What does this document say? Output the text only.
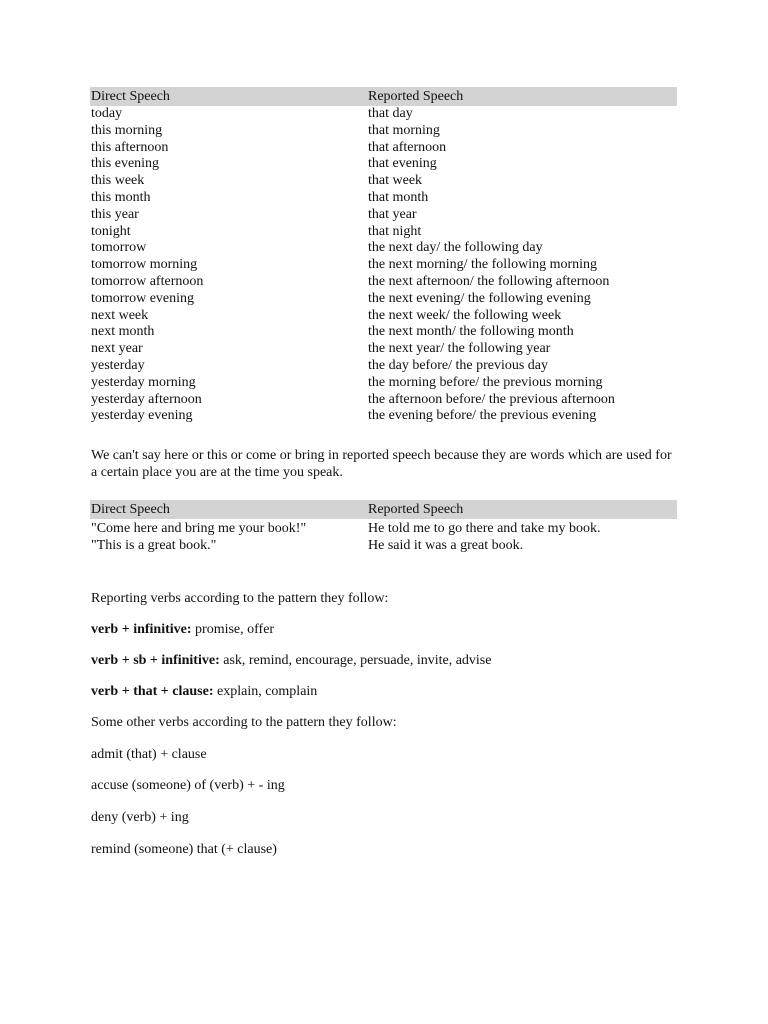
Direct Speech	Reported Speech
today	that day
this morning	that morning
this afternoon	that afternoon
this evening	that evening
this week	that week
this month	that month
this year	that year
tonight	that night
tomorrow	the next day/ the following day
tomorrow morning	the next morning/ the following morning
tomorrow afternoon	the next afternoon/ the following afternoon
tomorrow evening	the next evening/ the following evening
next week	the next week/ the following week
next month	the next month/ the following month
next year	the next year/ the following year
yesterday	the day before/ the previous day
yesterday morning	the morning before/ the previous morning
yesterday afternoon	the afternoon before/ the previous afternoon
yesterday evening	the evening before/ the previous evening

We can't say here or this or come or bring in reported speech because they are words which are used for a certain place you are at the time you speak.

Direct Speech	Reported Speech
"Come here and bring me your book!"	He told me to go there and take my book.
"This is a great book."	He said it was a great book.

Reporting verbs according to the pattern they follow:

verb + infinitive: promise, offer

verb + sb + infinitive: ask, remind, encourage, persuade, invite, advise

verb + that + clause: explain, complain

Some other verbs according to the pattern they follow:

admit (that) + clause

accuse (someone) of (verb) + - ing

deny (verb) + ing

remind (someone) that (+ clause)
